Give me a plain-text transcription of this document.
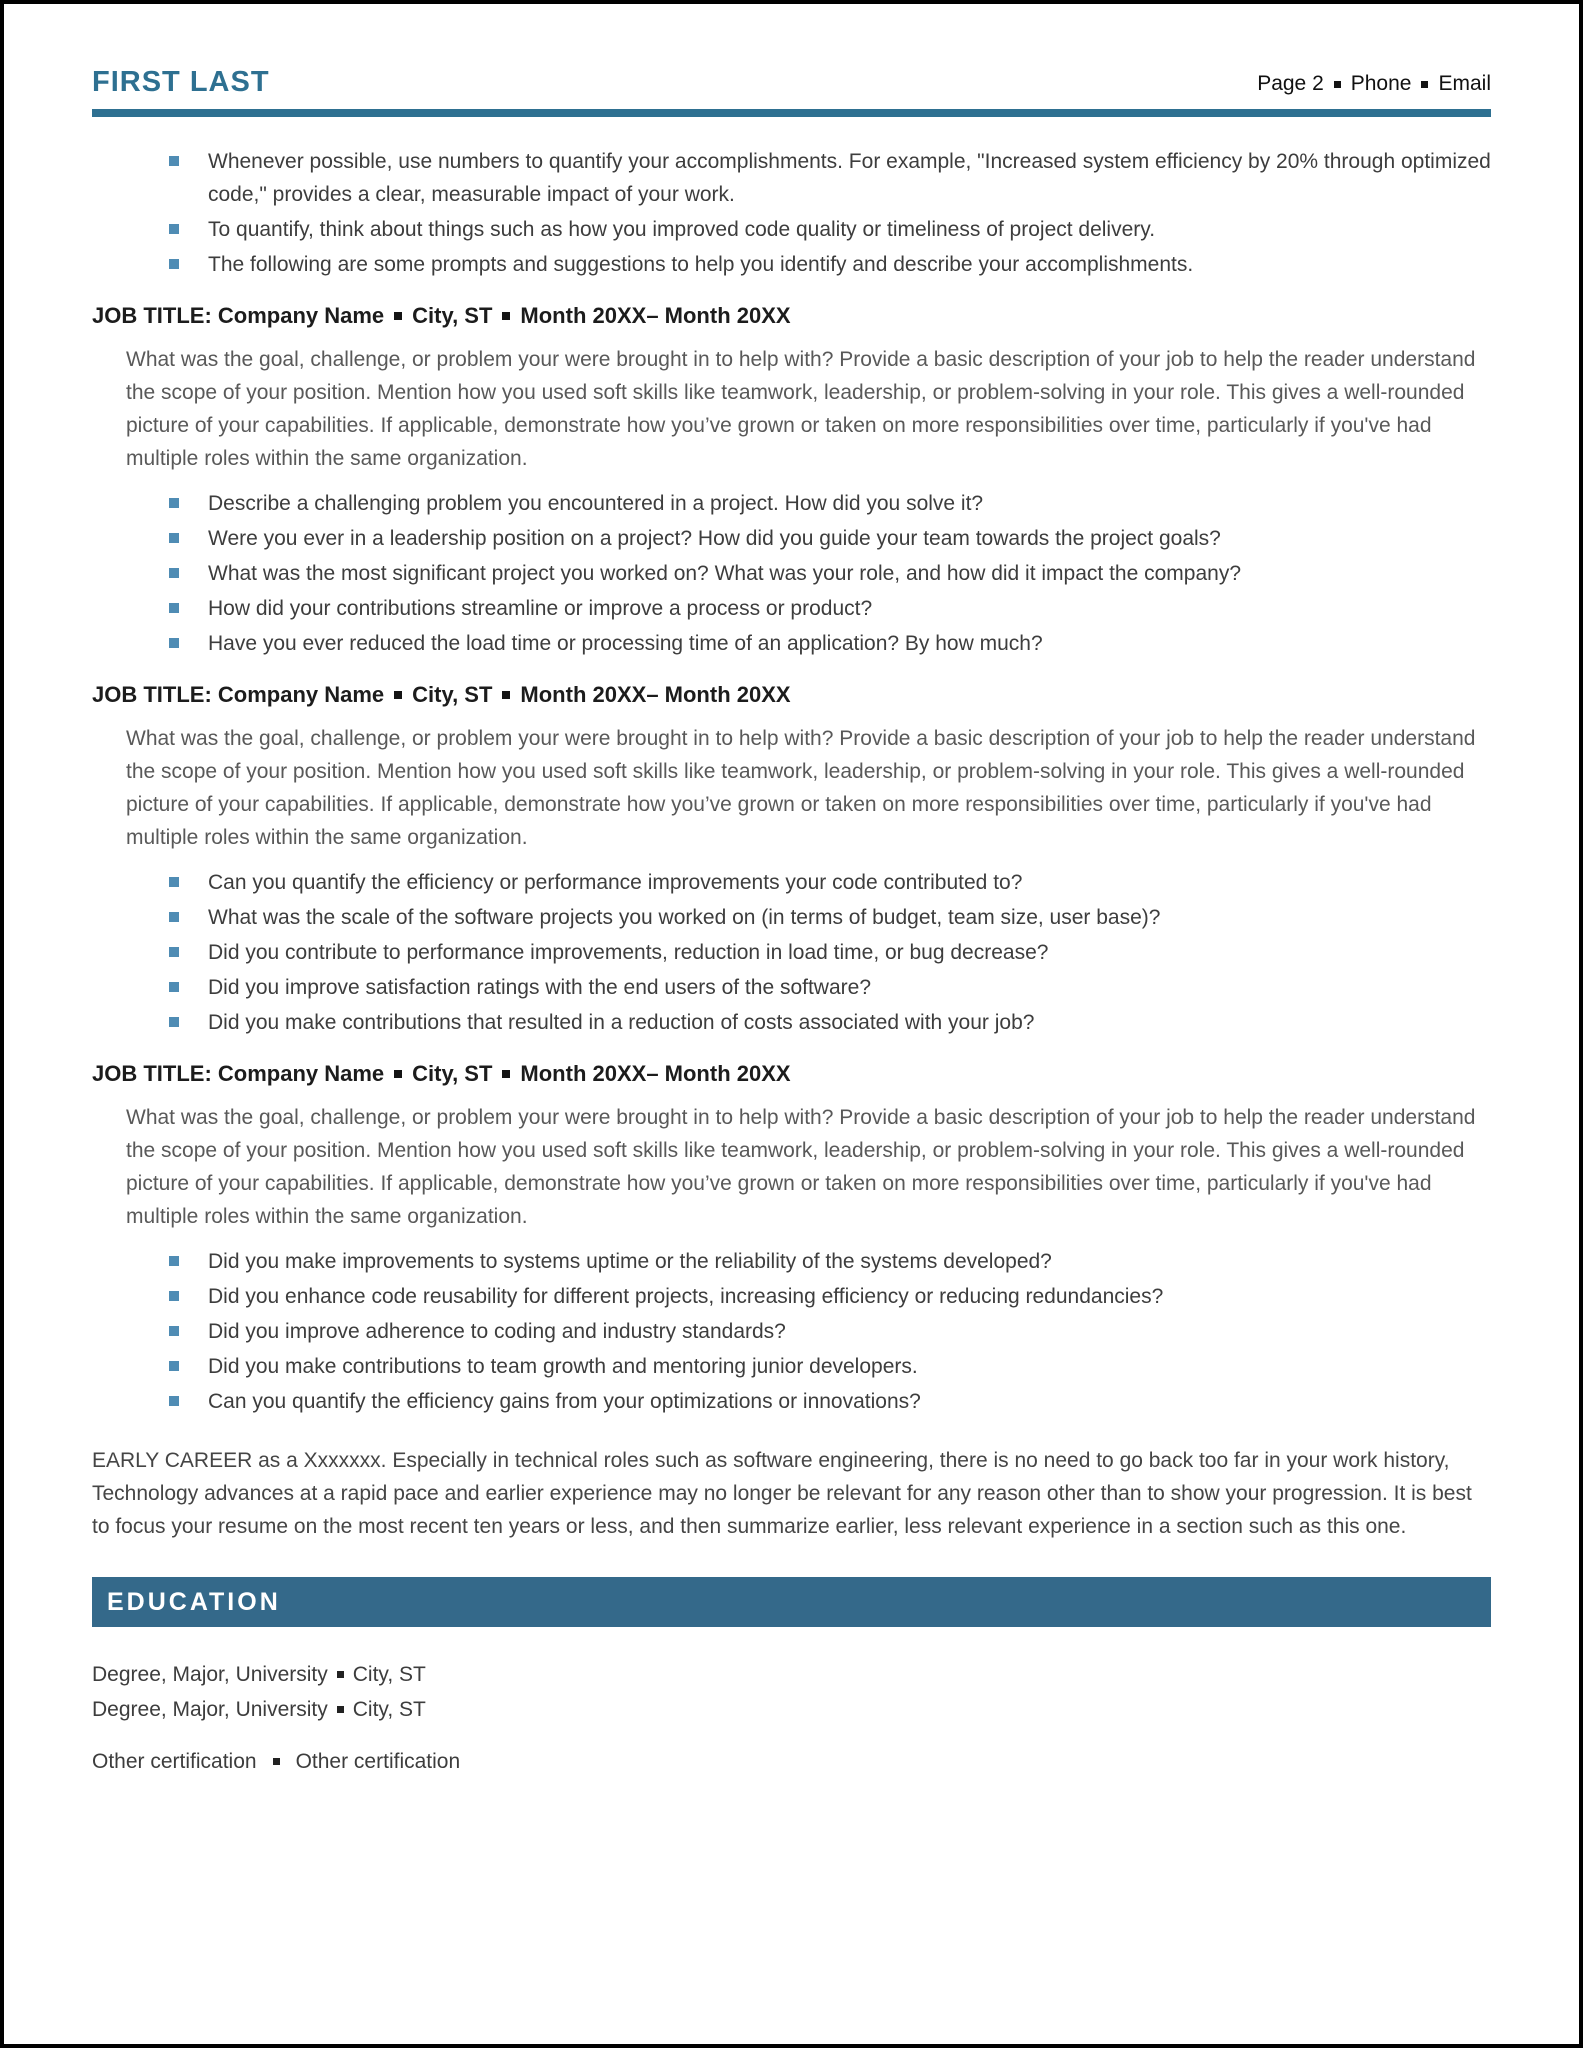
FIRST LAST	Page 2 Phone Email
Whenever possible, use numbers to quantify your accomplishments. For example, "Increased system efficiency by 20% through optimized code," provides a clear, measurable impact of your work.
To quantify, think about things such as how you improved code quality or timeliness of project delivery.
The following are some prompts and suggestions to help you identify and describe your accomplishments.
JOB TITLE: Company Name City, ST Month 20XX– Month 20XX

What was the goal, challenge, or problem your were brought in to help with? Provide a basic description of your job to help the reader understand the scope of your position. Mention how you used soft skills like teamwork, leadership, or problem-solving in your role. This gives a well-rounded picture of your capabilities. If applicable, demonstrate how you’ve grown or taken on more responsibilities over time, particularly if you've had multiple roles within the same organization.

Describe a challenging problem you encountered in a project. How did you solve it?
Were you ever in a leadership position on a project? How did you guide your team towards the project goals?
What was the most significant project you worked on? What was your role, and how did it impact the company?
How did your contributions streamline or improve a process or product?
Have you ever reduced the load time or processing time of an application? By how much?
JOB TITLE: Company Name City, ST Month 20XX– Month 20XX

What was the goal, challenge, or problem your were brought in to help with? Provide a basic description of your job to help the reader understand the scope of your position. Mention how you used soft skills like teamwork, leadership, or problem-solving in your role. This gives a well-rounded picture of your capabilities. If applicable, demonstrate how you’ve grown or taken on more responsibilities over time, particularly if you've had multiple roles within the same organization.

Can you quantify the efficiency or performance improvements your code contributed to?
What was the scale of the software projects you worked on (in terms of budget, team size, user base)?
Did you contribute to performance improvements, reduction in load time, or bug decrease?
Did you improve satisfaction ratings with the end users of the software?
Did you make contributions that resulted in a reduction of costs associated with your job?
JOB TITLE: Company Name City, ST Month 20XX– Month 20XX

What was the goal, challenge, or problem your were brought in to help with? Provide a basic description of your job to help the reader understand the scope of your position. Mention how you used soft skills like teamwork, leadership, or problem-solving in your role. This gives a well-rounded picture of your capabilities. If applicable, demonstrate how you’ve grown or taken on more responsibilities over time, particularly if you've had multiple roles within the same organization.

Did you make improvements to systems uptime or the reliability of the systems developed?
Did you enhance code reusability for different projects, increasing efficiency or reducing redundancies?
Did you improve adherence to coding and industry standards?
Did you make contributions to team growth and mentoring junior developers.
Can you quantify the efficiency gains from your optimizations or innovations?

EARLY CAREER as a Xxxxxxx. Especially in technical roles such as software engineering, there is no need to go back too far in your work history, Technology advances at a rapid pace and earlier experience may no longer be relevant for any reason other than to show your progression. It is best to focus your resume on the most recent ten years or less, and then summarize earlier, less relevant experience in a section such as this one.

EDUCATION
Degree, Major, University City, ST
Degree, Major, University City, ST
Other certification Other certification
